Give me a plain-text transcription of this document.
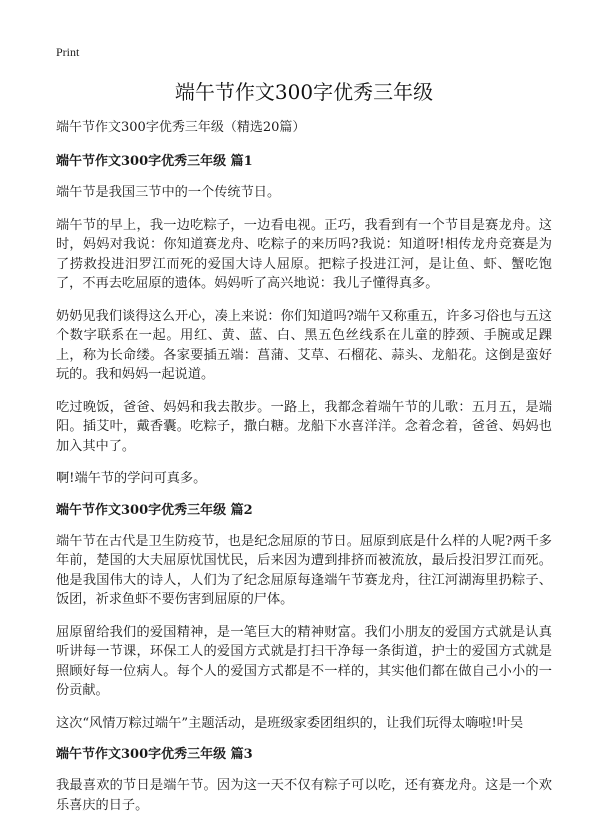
Print
端午节作文300字优秀三年级
端午节作文300字优秀三年级（精选20篇）
端午节作文300字优秀三年级 篇1

端午节是我国三节中的一个传统节日。

端午节的早上，我一边吃粽子，一边看电视。正巧，我看到有一个节目是赛龙舟。这时，妈妈对我说：你知道赛龙舟、吃粽子的来历吗?我说：知道呀!相传龙舟竞赛是为了捞救投进汨罗江而死的爱国大诗人屈原。把粽子投进江河，是让鱼、虾、蟹吃饱了，不再去吃屈原的遗体。妈妈听了高兴地说：我儿子懂得真多。

奶奶见我们谈得这么开心，凑上来说：你们知道吗?端午又称重五，许多习俗也与五这个数字联系在一起。用红、黄、蓝、白、黑五色丝线系在儿童的脖颈、手腕或足踝上，称为长命缕。各家要插五端：菖蒲、艾草、石榴花、蒜头、龙船花。这倒是蛮好玩的。我和妈妈一起说道。

吃过晚饭，爸爸、妈妈和我去散步。一路上，我都念着端午节的儿歌：五月五，是端阳。插艾叶，戴香囊。吃粽子，撒白糖。龙船下水喜洋洋。念着念着，爸爸、妈妈也加入其中了。

啊!端午节的学问可真多。

端午节作文300字优秀三年级 篇2

端午节在古代是卫生防疫节，也是纪念屈原的节日。屈原到底是什么样的人呢?两千多年前，楚国的大夫屈原忧国忧民，后来因为遭到排挤而被流放，最后投汨罗江而死。他是我国伟大的诗人，人们为了纪念屈原每逢端午节赛龙舟，往江河湖海里扔粽子、饭团，祈求鱼虾不要伤害到屈原的尸体。

屈原留给我们的爱国精神，是一笔巨大的精神财富。我们小朋友的爱国方式就是认真听讲每一节课，环保工人的爱国方式就是打扫干净每一条街道，护士的爱国方式就是照顾好每一位病人。每个人的爱国方式都是不一样的，其实他们都在做自己小小的一份贡献。

这次“风情万粽过端午”主题活动，是班级家委团组织的，让我们玩得太嗨啦!叶吴

端午节作文300字优秀三年级 篇3

我最喜欢的节日是端午节。因为这一天不仅有粽子可以吃，还有赛龙舟。这是一个欢乐喜庆的日子。
